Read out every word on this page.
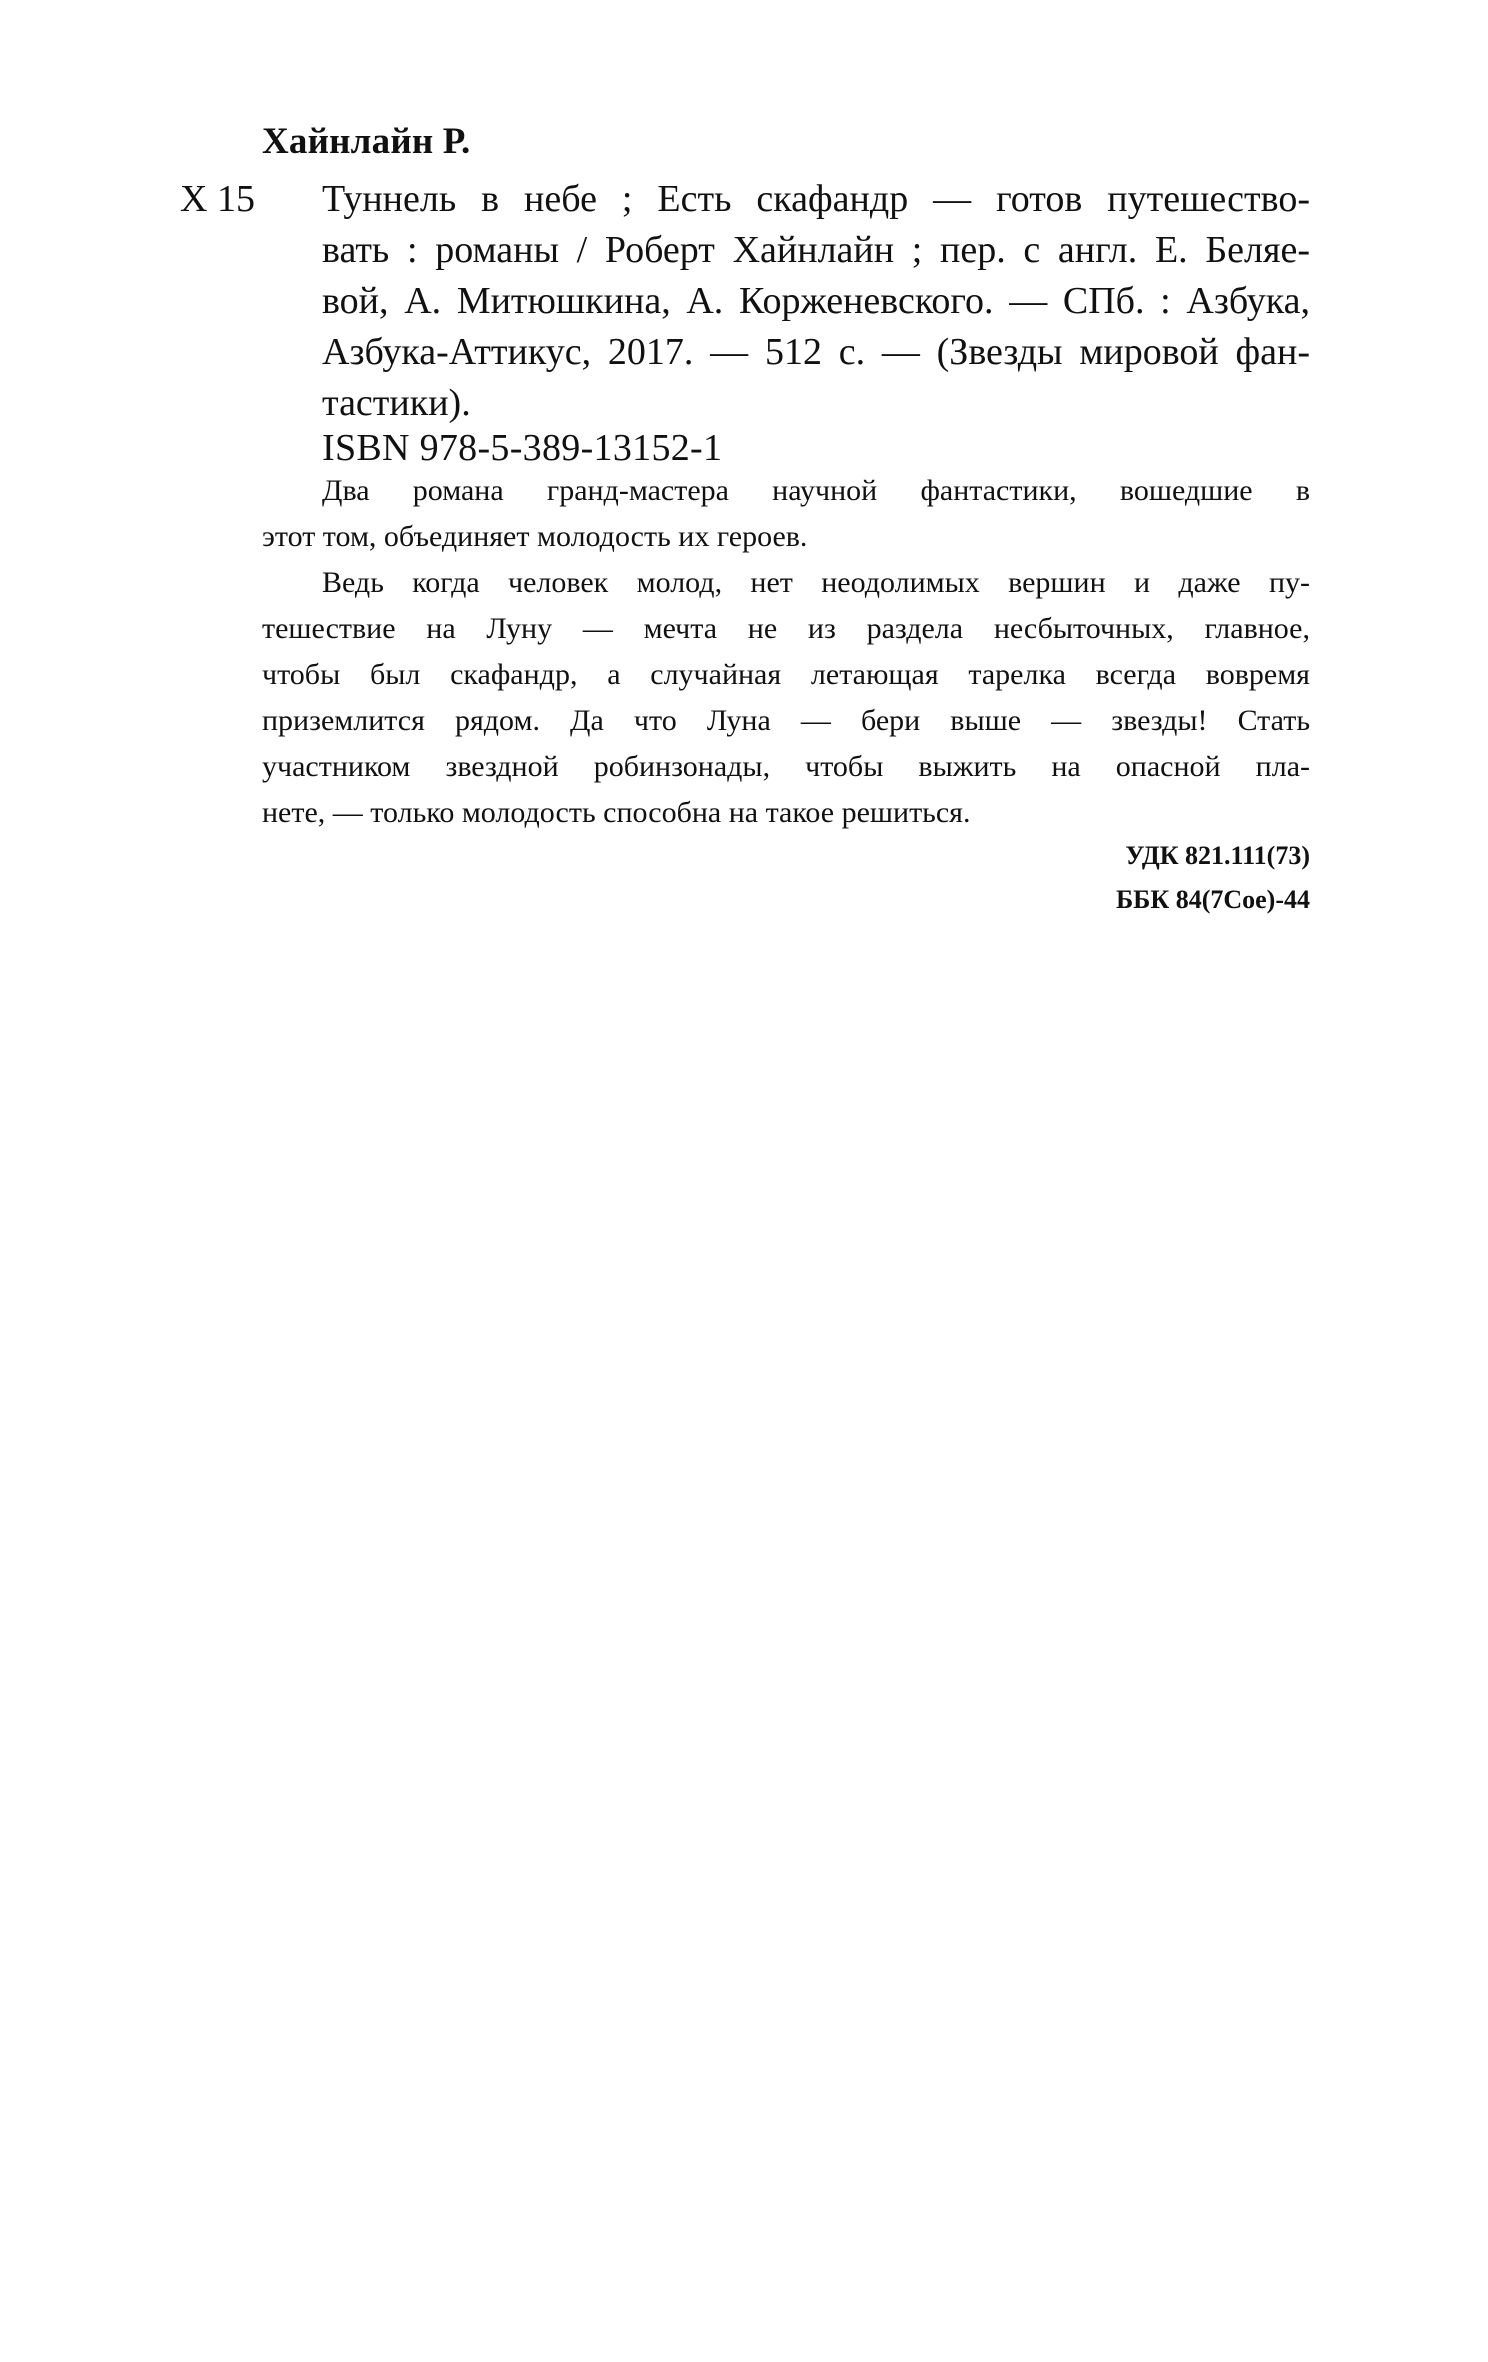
Хайнлайн Р.
Х 15 Туннель в небе ; Есть скафандр — готов путешество-
вать : романы / Роберт Хайнлайн ; пер. с англ. Е. Беляе-
вой, А. Митюшкина, А. Корженевского. — СПб. : Азбука,
Азбука-Аттикус, 2017. — 512 с. — (Звезды мировой фан-
тастики).
ISBN 978-5-389-13152-1
Два романа гранд-мастера научной фантастики, вошедшие в
этот том, объединяет молодость их героев.
Ведь когда человек молод, нет неодолимых вершин и даже пу-
тешествие на Луну — мечта не из раздела несбыточных, главное,
чтобы был скафандр, а случайная летающая тарелка всегда вовремя
приземлится рядом. Да что Луна — бери выше — звезды! Стать
участником звездной робинзонады, чтобы выжить на опасной пла-
нете, — только молодость способна на такое решиться.
УДК 821.111(73)
ББК 84(7Сое)-44
